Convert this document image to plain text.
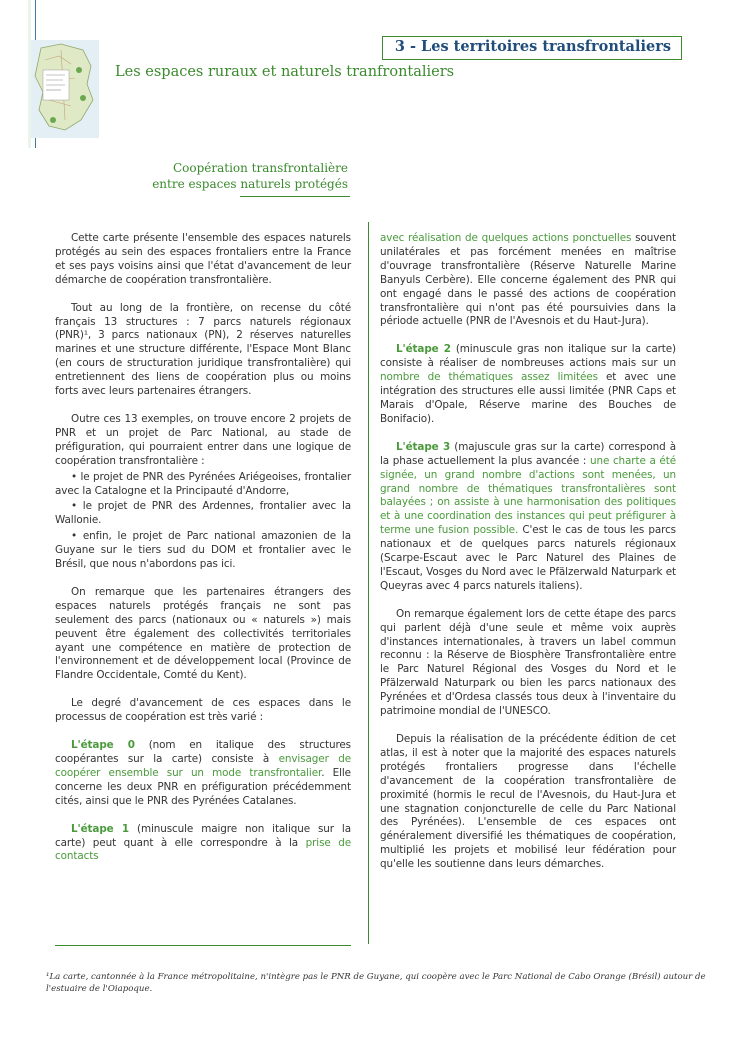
3 - Les territoires transfrontaliers
Les espaces ruraux et naturels tranfrontaliers
Coopération transfrontalière
entre espaces naturels protégés

Cette carte présente l'ensemble des espaces naturels protégés au sein des espaces frontaliers entre la France et ses pays voisins ainsi que l'état d'avancement de leur démarche de coopération transfrontalière.

Tout au long de la frontière, on recense du côté français 13 structures : 7 parcs naturels régionaux (PNR)¹, 3 parcs nationaux (PN), 2 réserves naturelles marines et une structure différente, l'Espace Mont Blanc (en cours de structuration juridique transfrontalière) qui entretiennent des liens de coopération plus ou moins forts avec leurs partenaires étrangers.

Outre ces 13 exemples, on trouve encore 2 projets de PNR et un projet de Parc National, au stade de préfiguration, qui pourraient entrer dans une logique de coopération transfrontalière :

• le projet de PNR des Pyrénées Ariégeoises, frontalier avec la Catalogne et la Principauté d'Andorre,

• le projet de PNR des Ardennes, frontalier avec la Wallonie.

• enfin, le projet de Parc national amazonien de la Guyane sur le tiers sud du DOM et frontalier avec le Brésil, que nous n'abordons pas ici.

On remarque que les partenaires étrangers des espaces naturels protégés français ne sont pas seulement des parcs (nationaux ou « naturels ») mais peuvent être également des collectivités territoriales ayant une compétence en matière de protection de l'environnement et de développement local (Province de Flandre Occidentale, Comté du Kent).

Le degré d'avancement de ces espaces dans le processus de coopération est très varié :

L'étape 0 (nom en italique des structures coopérantes sur la carte) consiste à envisager de coopérer ensemble sur un mode transfrontalier. Elle concerne les deux PNR en préfiguration précédemment cités, ainsi que le PNR des Pyrénées Catalanes.

L'étape 1 (minuscule maigre non italique sur la carte) peut quant à elle correspondre à la prise de contacts

avec réalisation de quelques actions ponctuelles souvent unilatérales et pas forcément menées en maîtrise d'ouvrage transfrontalière (Réserve Naturelle Marine Banyuls Cerbère). Elle concerne également des PNR qui ont engagé dans le passé des actions de coopération transfrontalière qui n'ont pas été poursuivies dans la période actuelle (PNR de l'Avesnois et du Haut-Jura).

L'étape 2 (minuscule gras non italique sur la carte) consiste à réaliser de nombreuses actions mais sur un nombre de thématiques assez limitées et avec une intégration des structures elle aussi limitée (PNR Caps et Marais d'Opale, Réserve marine des Bouches de Bonifacio).

L'étape 3 (majuscule gras sur la carte) correspond à la phase actuellement la plus avancée : une charte a été signée, un grand nombre d'actions sont menées, un grand nombre de thématiques transfrontalières sont balayées ; on assiste à une harmonisation des politiques et à une coordination des instances qui peut préfigurer à terme une fusion possible. C'est le cas de tous les parcs nationaux et de quelques parcs naturels régionaux (Scarpe-Escaut avec le Parc Naturel des Plaines de l'Escaut, Vosges du Nord avec le Pfälzerwald Naturpark et Queyras avec 4 parcs naturels italiens).

On remarque également lors de cette étape des parcs qui parlent déjà d'une seule et même voix auprès d'instances internationales, à travers un label commun reconnu : la Réserve de Biosphère Transfrontalière entre le Parc Naturel Régional des Vosges du Nord et le Pfälzerwald Naturpark ou bien les parcs nationaux des Pyrénées et d'Ordesa classés tous deux à l'inventaire du patrimoine mondial de l'UNESCO.

Depuis la réalisation de la précédente édition de cet atlas, il est à noter que la majorité des espaces naturels protégés frontaliers progresse dans l'échelle d'avancement de la coopération transfrontalière de proximité (hormis le recul de l'Avesnois, du Haut-Jura et une stagnation conjoncturelle de celle du Parc National des Pyrénées). L'ensemble de ces espaces ont généralement diversifié les thématiques de coopération, multiplié les projets et mobilisé leur fédération pour qu'elle les soutienne dans leurs démarches.

¹La carte, cantonnée à la France métropolitaine, n'intègre pas le PNR de Guyane, qui coopère avec le Parc National de Cabo Orange (Brésil) autour de l'estuaire de l'Oiapoque.
